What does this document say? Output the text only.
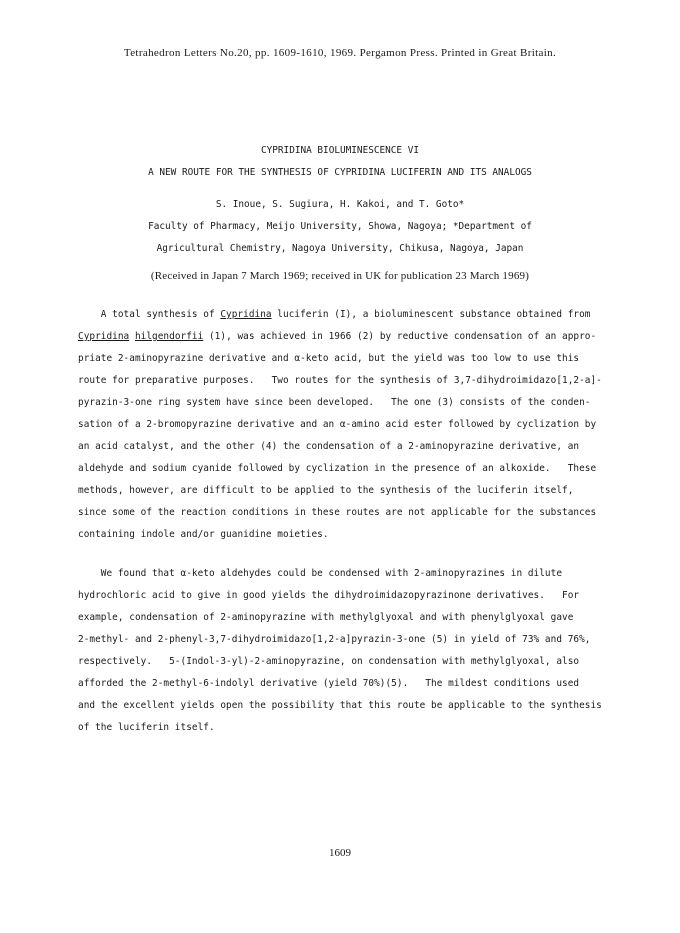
Tetrahedron Letters No.20, pp. 1609-1610, 1969. Pergamon Press. Printed in Great Britain.
CYPRIDINA BIOLUMINESCENCE VI
A NEW ROUTE FOR THE SYNTHESIS OF CYPRIDINA LUCIFERIN AND ITS ANALOGS
S. Inoue, S. Sugiura, H. Kakoi, and T. Goto*
Faculty of Pharmacy, Meijo University, Showa, Nagoya; *Department of
Agricultural Chemistry, Nagoya University, Chikusa, Nagoya, Japan
(Received in Japan 7 March 1969; received in UK for publication 23 March 1969)
A total synthesis of Cypridina luciferin (I), a bioluminescent substance obtained from
Cypridina hilgendorfii (1), was achieved in 1966 (2) by reductive condensation of an appro-
priate 2-aminopyrazine derivative and α-keto acid, but the yield was too low to use this
route for preparative purposes.   Two routes for the synthesis of 3,7-dihydroimidazo[1,2-a]-
pyrazin-3-one ring system have since been developed.   The one (3) consists of the conden-
sation of a 2-bromopyrazine derivative and an α-amino acid ester followed by cyclization by
an acid catalyst, and the other (4) the condensation of a 2-aminopyrazine derivative, an
aldehyde and sodium cyanide followed by cyclization in the presence of an alkoxide.   These
methods, however, are difficult to be applied to the synthesis of the luciferin itself,
since some of the reaction conditions in these routes are not applicable for the substances
containing indole and/or guanidine moieties.
We found that α-keto aldehydes could be condensed with 2-aminopyrazines in dilute
hydrochloric acid to give in good yields the dihydroimidazopyrazinone derivatives.   For
example, condensation of 2-aminopyrazine with methylglyoxal and with phenylglyoxal gave
2-methyl- and 2-phenyl-3,7-dihydroimidazo[1,2-a]pyrazin-3-one (5) in yield of 73% and 76%,
respectively.   5-(Indol-3-yl)-2-aminopyrazine, on condensation with methylglyoxal, also
afforded the 2-methyl-6-indolyl derivative (yield 70%)(5).   The mildest conditions used
and the excellent yields open the possibility that this route be applicable to the synthesis
of the luciferin itself.
1609
